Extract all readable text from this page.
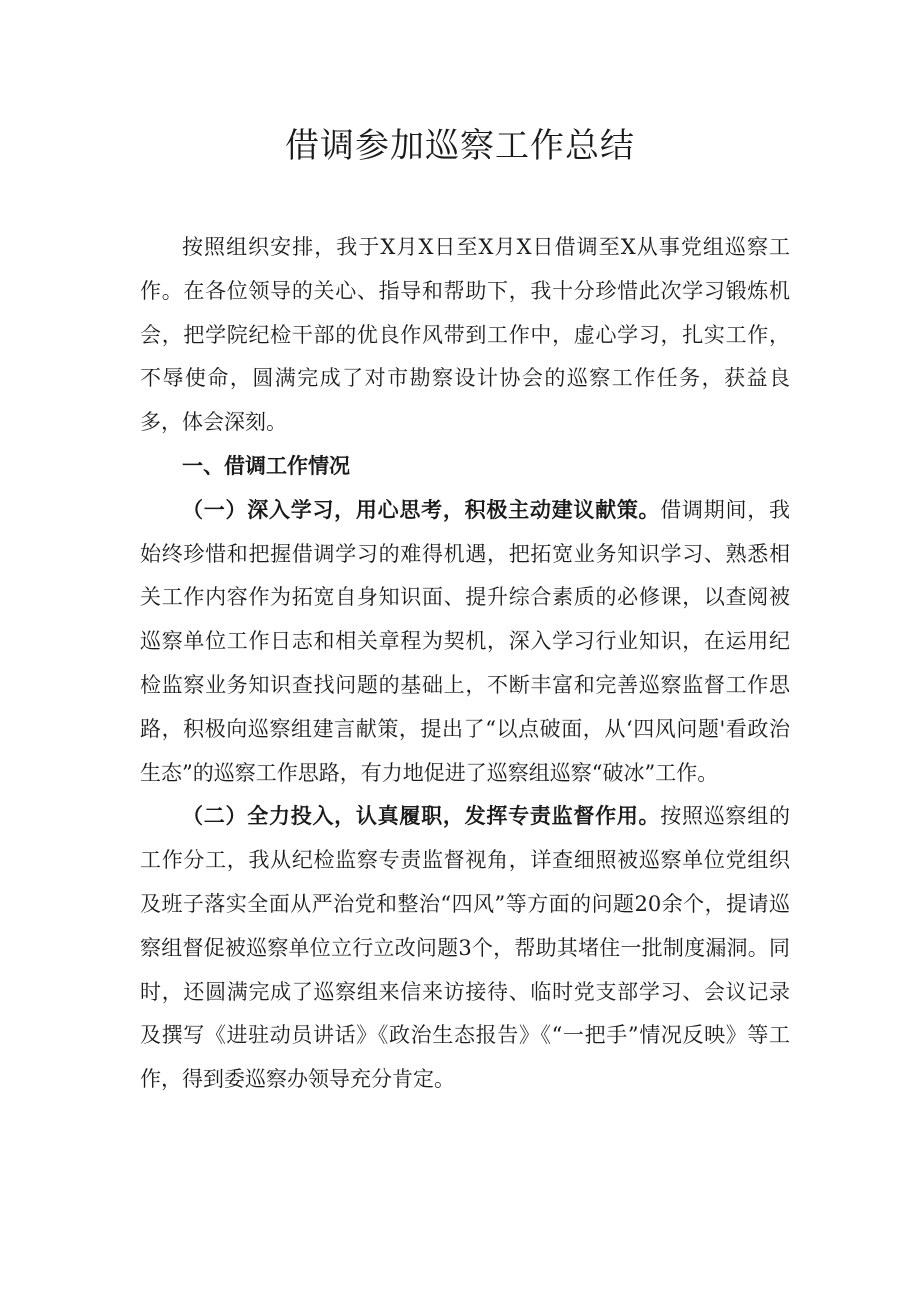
借调参加巡察工作总结

按照组织安排，我于X月X日至X月X日借调至X从事党组巡察工作。在各位领导的关心、指导和帮助下，我十分珍惜此次学习锻炼机会，把学院纪检干部的优良作风带到工作中，虚心学习，扎实工作，不辱使命，圆满完成了对市勘察设计协会的巡察工作任务，获益良多，体会深刻。

一、借调工作情况

（一）深入学习，用心思考，积极主动建议献策。借调期间，我始终珍惜和把握借调学习的难得机遇，把拓宽业务知识学习、熟悉相关工作内容作为拓宽自身知识面、提升综合素质的必修课，以查阅被巡察单位工作日志和相关章程为契机，深入学习行业知识，在运用纪检监察业务知识查找问题的基础上，不断丰富和完善巡察监督工作思路，积极向巡察组建言献策，提出了“以点破面，从‘四风问题'看政治生态”的巡察工作思路，有力地促进了巡察组巡察“破冰”工作。

（二）全力投入，认真履职，发挥专责监督作用。按照巡察组的工作分工，我从纪检监察专责监督视角，详查细照被巡察单位党组织及班子落实全面从严治党和整治“四风”等方面的问题20余个，提请巡察组督促被巡察单位立行立改问题3个，帮助其堵住一批制度漏洞。同时，还圆满完成了巡察组来信来访接待、临时党支部学习、会议记录及撰写《进驻动员讲话》《政治生态报告》《“一把手”情况反映》等工作，得到委巡察办领导充分肯定。
